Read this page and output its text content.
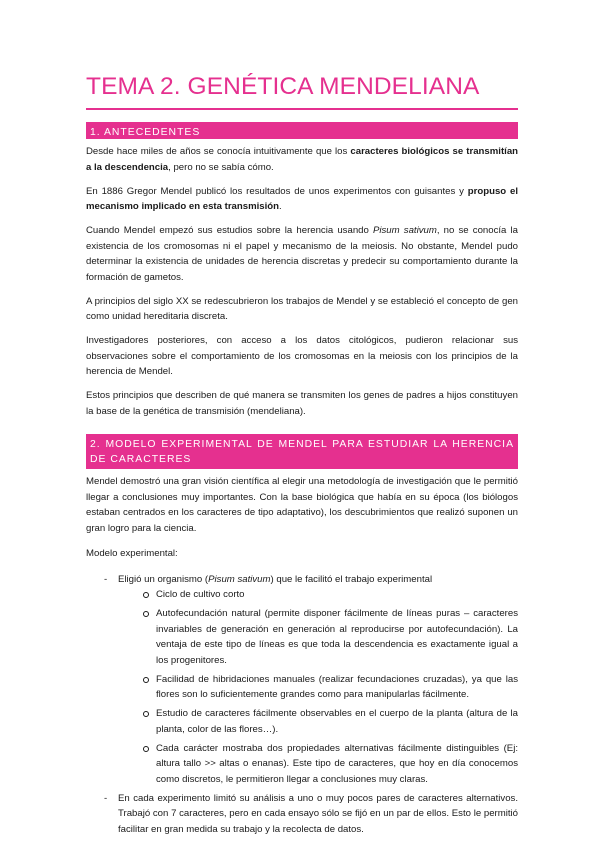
TEMA 2. GENÉTICA MENDELIANA
1. ANTECEDENTES

Desde hace miles de años se conocía intuitivamente que los caracteres biológicos se transmitían a la descendencia, pero no se sabía cómo.

En 1886 Gregor Mendel publicó los resultados de unos experimentos con guisantes y propuso el mecanismo implicado en esta transmisión.

Cuando Mendel empezó sus estudios sobre la herencia usando Pisum sativum, no se conocía la existencia de los cromosomas ni el papel y mecanismo de la meiosis. No obstante, Mendel pudo determinar la existencia de unidades de herencia discretas y predecir su comportamiento durante la formación de gametos.

A principios del siglo XX se redescubrieron los trabajos de Mendel y se estableció el concepto de gen como unidad hereditaria discreta.

Investigadores posteriores, con acceso a los datos citológicos, pudieron relacionar sus observaciones sobre el comportamiento de los cromosomas en la meiosis con los principios de la herencia de Mendel.

Estos principios que describen de qué manera se transmiten los genes de padres a hijos constituyen la base de la genética de transmisión (mendeliana).

2. MODELO EXPERIMENTAL DE MENDEL PARA ESTUDIAR LA HERENCIA DE CARACTERES

Mendel demostró una gran visión científica al elegir una metodología de investigación que le permitió llegar a conclusiones muy importantes. Con la base biológica que había en su época (los biólogos estaban centrados en los caracteres de tipo adaptativo), los descubrimientos que realizó suponen un gran logro para la ciencia.

Modelo experimental:

- Eligió un organismo (Pisum sativum) que le facilitó el trabajo experimental
Ciclo de cultivo corto
Autofecundación natural (permite disponer fácilmente de líneas puras – caracteres invariables de generación en generación al reproducirse por autofecundación). La ventaja de este tipo de líneas es que toda la descendencia es exactamente igual a los progenitores.
Facilidad de hibridaciones manuales (realizar fecundaciones cruzadas), ya que las flores son lo suficientemente grandes como para manipularlas fácilmente.
Estudio de caracteres fácilmente observables en el cuerpo de la planta (altura de la planta, color de las flores…).
Cada carácter mostraba dos propiedades alternativas fácilmente distinguibles (Ej: altura tallo >> altas o enanas). Este tipo de caracteres, que hoy en día conocemos como discretos, le permitieron llegar a conclusiones muy claras.
- En cada experimento limitó su análisis a uno o muy pocos pares de caracteres alternativos. Trabajó con 7 caracteres, pero en cada ensayo sólo se fijó en un par de ellos. Esto le permitió facilitar en gran medida su trabajo y la recolecta de datos.
